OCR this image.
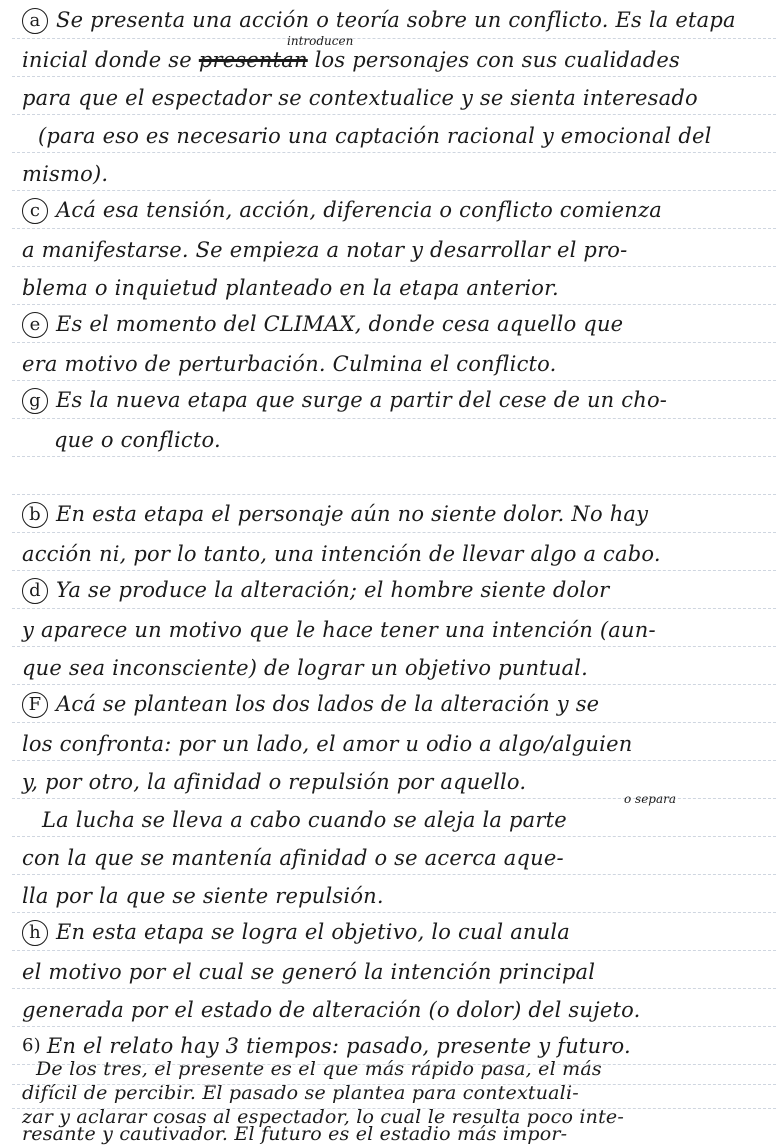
a Se presenta una acción o teoría sobre un conflicto. Es la etapa
inicial donde se presentan los personajes con sus cualidades
introducen
para que el espectador se contextualice y se sienta interesado
(para eso es necesario una captación racional y emocional del
mismo).
c Acá esa tensión, acción, diferencia o conflicto comienza
a manifestarse. Se empieza a notar y desarrollar el pro-
blema o inquietud planteado en la etapa anterior.
e Es el momento del CLIMAX, donde cesa aquello que
era motivo de perturbación. Culmina el conflicto.
g Es la nueva etapa que surge a partir del cese de un cho-
que o conflicto.
b En esta etapa el personaje aún no siente dolor. No hay
acción ni, por lo tanto, una intención de llevar algo a cabo.
d Ya se produce la alteración; el hombre siente dolor
y aparece un motivo que le hace tener una intención (aun-
que sea inconsciente) de lograr un objetivo puntual.
F Acá se plantean los dos lados de la alteración y se
los confronta: por un lado, el amor u odio a algo/alguien
y, por otro, la afinidad o repulsión por aquello.
La lucha se lleva a cabo cuando se aleja la parte
o separa
con la que se mantenía afinidad o se acerca aque-
lla por la que se siente repulsión.
h En esta etapa se logra el objetivo, lo cual anula
el motivo por el cual se generó la intención principal
generada por el estado de alteración (o dolor) del sujeto.
6) En el relato hay 3 tiempos: pasado, presente y futuro.
De los tres, el presente es el que más rápido pasa, el más
difícil de percibir. El pasado se plantea para contextuali-
zar y aclarar cosas al espectador, lo cual le resulta poco inte-
resante y cautivador. El futuro es el estadio más impor-
